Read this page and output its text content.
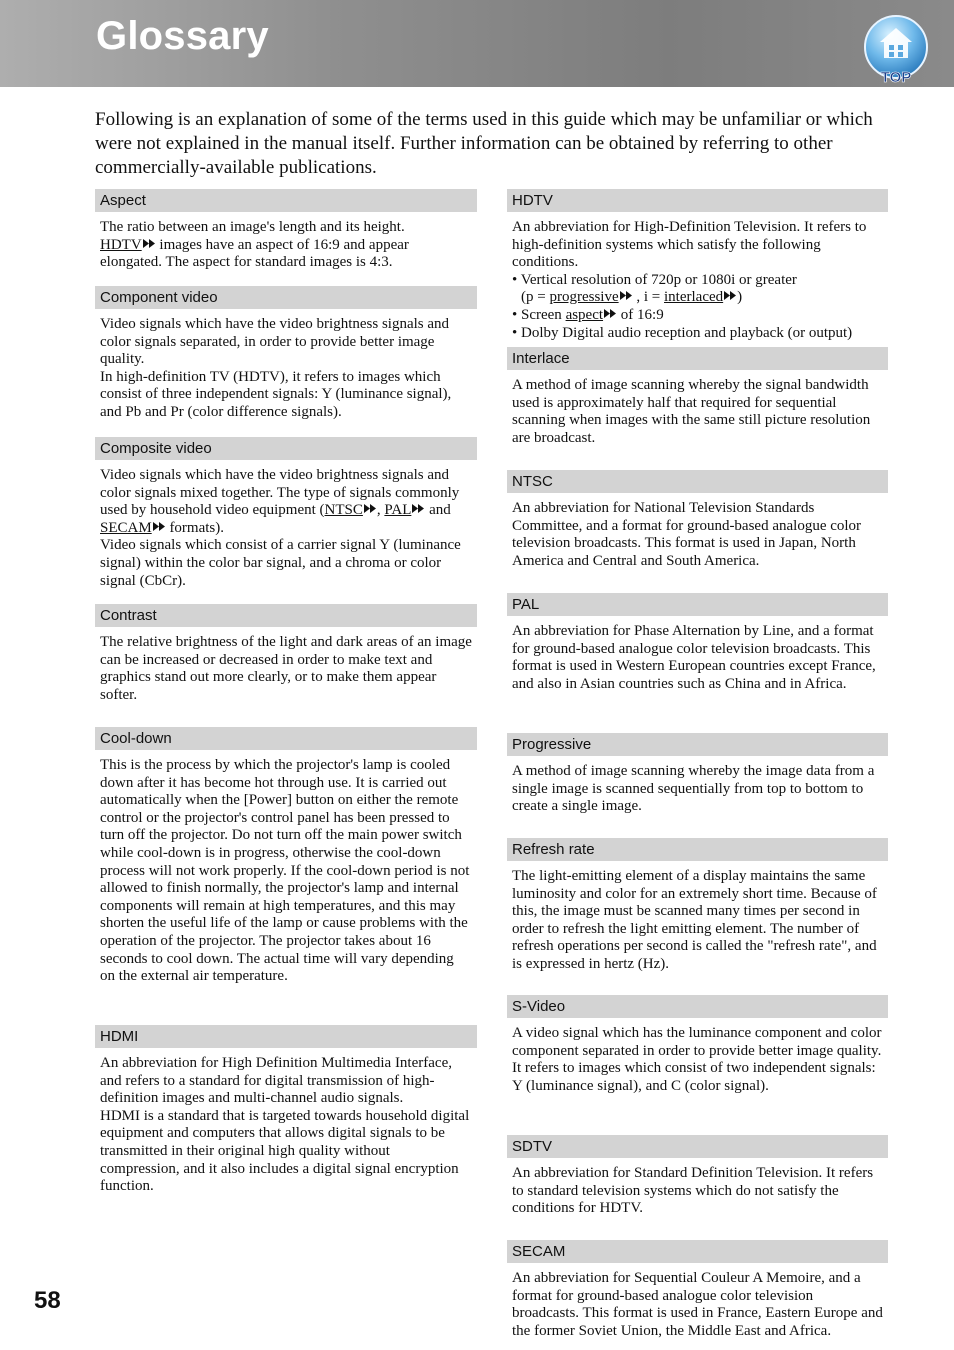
Glossary
TOP

Following is an explanation of some of the terms used in this guide which may be unfamiliar or which were not explained in the manual itself. Further information can be obtained by referring to other commercially-available publications.

Aspect

The ratio between an image's length and its height.
HDTV images have an aspect of 16:9 and appear elongated. The aspect for standard images is 4:3.

Component video

Video signals which have the video brightness signals and color signals separated, in order to provide better image quality.

In high-definition TV (HDTV), it refers to images which consist of three independent signals: Y (luminance signal), and Pb and Pr (color difference signals).

Composite video

Video signals which have the video brightness signals and color signals mixed together. The type of signals commonly used by household video equipment (NTSC , PAL and SECAM formats).

Video signals which consist of a carrier signal Y (luminance signal) within the color bar signal, and a chroma or color signal (CbCr).

Contrast

The relative brightness of the light and dark areas of an image can be increased or decreased in order to make text and graphics stand out more clearly, or to make them appear softer.

Cool-down

This is the process by which the projector's lamp is cooled down after it has become hot through use. It is carried out automatically when the [Power] button on either the remote control or the projector's control panel has been pressed to turn off the projector. Do not turn off the main power switch while cool-down is in progress, otherwise the cool-down process will not work properly. If the cool-down period is not allowed to finish normally, the projector's lamp and internal components will remain at high temperatures, and this may shorten the useful life of the lamp or cause problems with the operation of the projector. The projector takes about 16 seconds to cool down. The actual time will vary depending on the external air temperature.

HDMI

An abbreviation for High Definition Multimedia Interface, and refers to a standard for digital transmission of high-definition images and multi-channel audio signals.

HDMI is a standard that is targeted towards household digital equipment and computers that allows digital signals to be transmitted in their original high quality without compression, and it also includes a digital signal encryption function.

HDTV

An abbreviation for High-Definition Television. It refers to high-definition systems which satisfy the following conditions.

• Vertical resolution of 720p or 1080i or greater

(p = progressive , i = interlaced )

• Screen aspect of 16:9

• Dolby Digital audio reception and playback (or output)

Interlace

A method of image scanning whereby the signal bandwidth used is approximately half that required for sequential scanning when images with the same still picture resolution are broadcast.

NTSC

An abbreviation for National Television Standards Committee, and a format for ground-based analogue color television broadcasts. This format is used in Japan, North America and Central and South America.

PAL

An abbreviation for Phase Alternation by Line, and a format for ground-based analogue color television broadcasts. This format is used in Western European countries except France, and also in Asian countries such as China and in Africa.

Progressive

A method of image scanning whereby the image data from a single image is scanned sequentially from top to bottom to create a single image.

Refresh rate

The light-emitting element of a display maintains the same luminosity and color for an extremely short time. Because of this, the image must be scanned many times per second in order to refresh the light emitting element. The number of refresh operations per second is called the "refresh rate", and is expressed in hertz (Hz).

S-Video

A video signal which has the luminance component and color component separated in order to provide better image quality.

It refers to images which consist of two independent signals: Y (luminance signal), and C (color signal).

SDTV

An abbreviation for Standard Definition Television. It refers to standard television systems which do not satisfy the conditions for HDTV.

SECAM

An abbreviation for Sequential Couleur A Memoire, and a format for ground-based analogue color television broadcasts. This format is used in France, Eastern Europe and the former Soviet Union, the Middle East and Africa.

58
